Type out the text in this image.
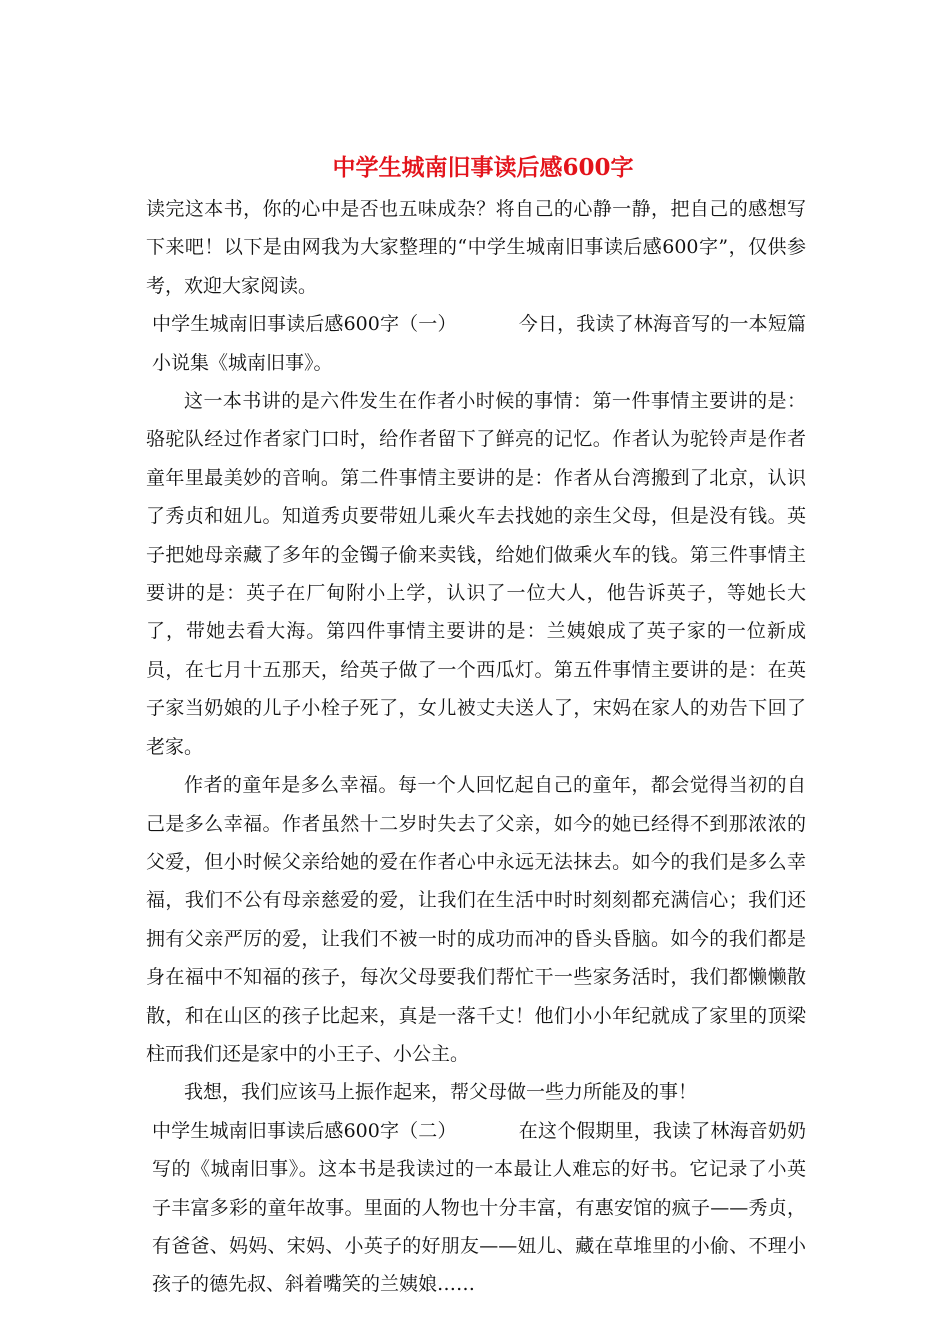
中学生城南旧事读后感600字

读完这本书，你的心中是否也五味成杂？将自己的心静一静，把自己的感想写下来吧！以下是由网我为大家整理的“中学生城南旧事读后感600字”，仅供参考，欢迎大家阅读。

中学生城南旧事读后感600字（一）	今日，我读了林海音写的一本短篇小说集《城南旧事》。

这一本书讲的是六件发生在作者小时候的事情：第一件事情主要讲的是：骆驼队经过作者家门口时，给作者留下了鲜亮的记忆。作者认为驼铃声是作者童年里最美妙的音响。第二件事情主要讲的是：作者从台湾搬到了北京，认识了秀贞和妞儿。知道秀贞要带妞儿乘火车去找她的亲生父母，但是没有钱。英子把她母亲藏了多年的金镯子偷来卖钱，给她们做乘火车的钱。第三件事情主要讲的是：英子在厂甸附小上学，认识了一位大人，他告诉英子，等她长大了，带她去看大海。第四件事情主要讲的是：兰姨娘成了英子家的一位新成员，在七月十五那天，给英子做了一个西瓜灯。第五件事情主要讲的是：在英子家当奶娘的儿子小栓子死了，女儿被丈夫送人了，宋妈在家人的劝告下回了老家。

作者的童年是多么幸福。每一个人回忆起自己的童年，都会觉得当初的自己是多么幸福。作者虽然十二岁时失去了父亲，如今的她已经得不到那浓浓的父爱，但小时候父亲给她的爱在作者心中永远无法抹去。如今的我们是多么幸福，我们不公有母亲慈爱的爱，让我们在生活中时时刻刻都充满信心；我们还拥有父亲严厉的爱，让我们不被一时的成功而冲的昏头昏脑。如今的我们都是身在福中不知福的孩子，每次父母要我们帮忙干一些家务活时，我们都懒懒散散，和在山区的孩子比起来，真是一落千丈！他们小小年纪就成了家里的顶梁柱而我们还是家中的小王子、小公主。

我想，我们应该马上振作起来，帮父母做一些力所能及的事！

中学生城南旧事读后感600字（二）	在这个假期里，我读了林海音奶奶写的《城南旧事》。这本书是我读过的一本最让人难忘的好书。它记录了小英子丰富多彩的童年故事。里面的人物也十分丰富，有惠安馆的疯子——秀贞，有爸爸、妈妈、宋妈、小英子的好朋友——妞儿、藏在草堆里的小偷、不理小孩子的德先叔、斜着嘴笑的兰姨娘……
